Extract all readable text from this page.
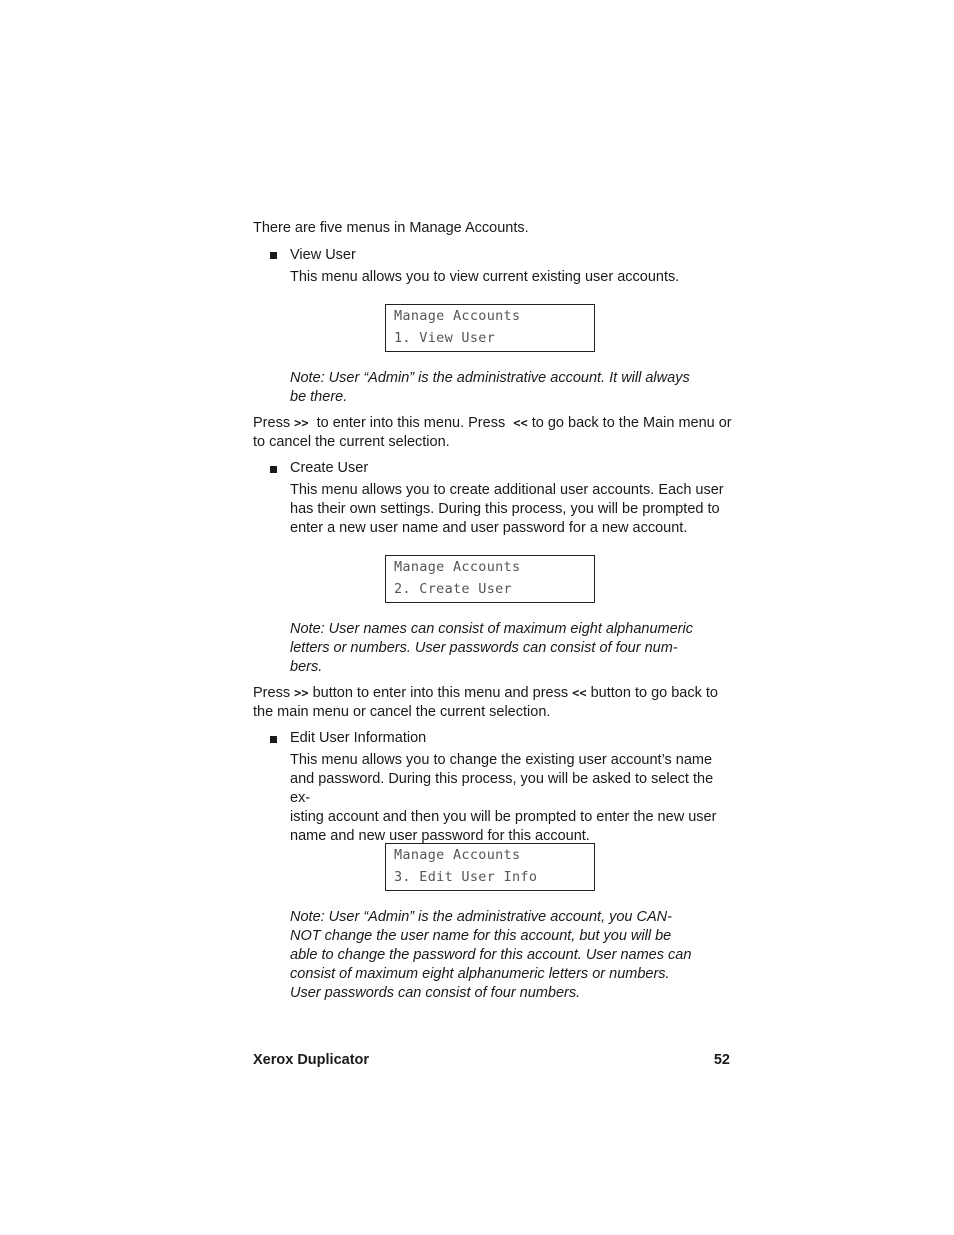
There are five menus in Manage Accounts.
View User
This menu allows you to view current existing user accounts.
Manage Accounts
1. View User
Note: User “Admin” is the administrative account. It will always
be there.
Press >>  to enter into this menu. Press  << to go back to the Main menu or
to cancel the current selection.
Create User
This menu allows you to create additional user accounts. Each user
has their own settings. During this process, you will be prompted to
enter a new user name and user password for a new account.
Manage Accounts
2. Create User
Note: User names can consist of maximum eight alphanumeric
letters or numbers. User passwords can consist of four num-
bers.
Press >> button to enter into this menu and press << button to go back to
the main menu or cancel the current selection.
Edit User Information
This menu allows you to change the existing user account’s name
and password. During this process, you will be asked to select the ex-
isting account and then you will be prompted to enter the new user
name and new user password for this account.
Manage Accounts
3. Edit User Info
Note: User “Admin” is the administrative account, you CAN-
NOT change the user name for this account, but you will be
able to change the password for this account. User names can
consist of maximum eight alphanumeric letters or numbers.
User passwords can consist of four numbers.
Xerox Duplicator	52
